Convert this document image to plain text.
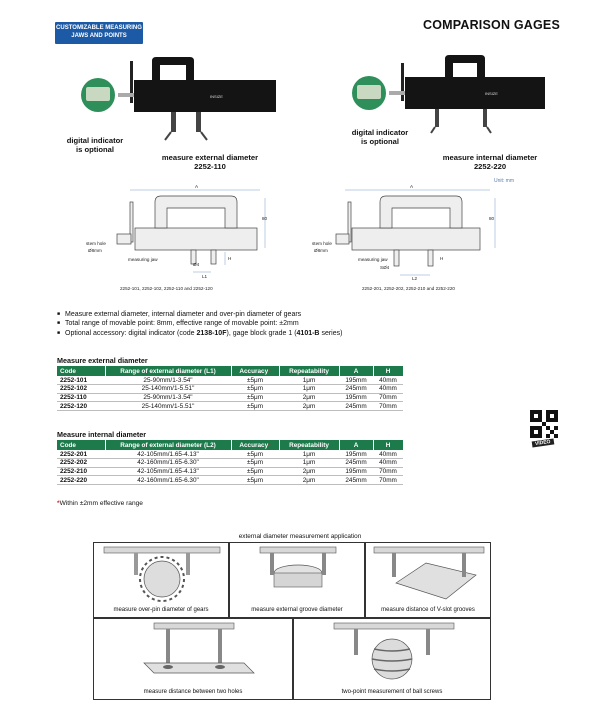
CUSTOMIZABLE MEASURING
JAWS AND POINTS
COMPARISON GAGES
INSIZE
digital indicator
is optional
measure external diameter
2252-110
INSIZE
digital indicator
is optional
measure internal diameter
2252-220
A
80
stem hole
Ø8mm
measuring jaw	H
Ø4
L1
2252-101, 2252-102, 2252-110 and 2252-120
Unit: mm
A
80
stem hole
Ø8mm
measuring jaw	H
SØ4
L2
2252-201, 2252-202, 2252-210 and 2252-220
■ Measure external diameter, internal diameter and over-pin diameter of gears
■ Total range of movable point: 8mm, effective range of movable point: ±2mm
■ Optional accessory: digital indicator (code 2138-10F), gage block grade 1 (4101-B series)
Measure external diameter
Code	Range of external diameter (L1)	Accuracy*	Repeatability	A	H
2252-101	25-90mm/1-3.54"	±5μm	1μm	195mm	40mm
2252-102	25-140mm/1-5.51"	±5μm	1μm	245mm	40mm
2252-110	25-90mm/1-3.54"	±5μm	2μm	195mm	70mm
2252-120	25-140mm/1-5.51"	±5μm	2μm	245mm	70mm
Measure internal diameter
Code	Range of external diameter (L2)	Accuracy*	Repeatability	A	H
2252-201	42-105mm/1.65-4.13"	±5μm	1μm	195mm	40mm
2252-202	42-160mm/1.65-6.30"	±5μm	1μm	245mm	40mm
2252-210	42-105mm/1.65-4.13"	±5μm	2μm	195mm	70mm
2252-220	42-160mm/1.65-6.30"	±5μm	2μm	245mm	70mm
*Within ±2mm effective range
VIDEO
external diameter measurement application
measure over-pin diameter of gears	measure external groove diameter	measure distance of V-slot grooves
measure distance between two holes	two-point measurement of ball screws
